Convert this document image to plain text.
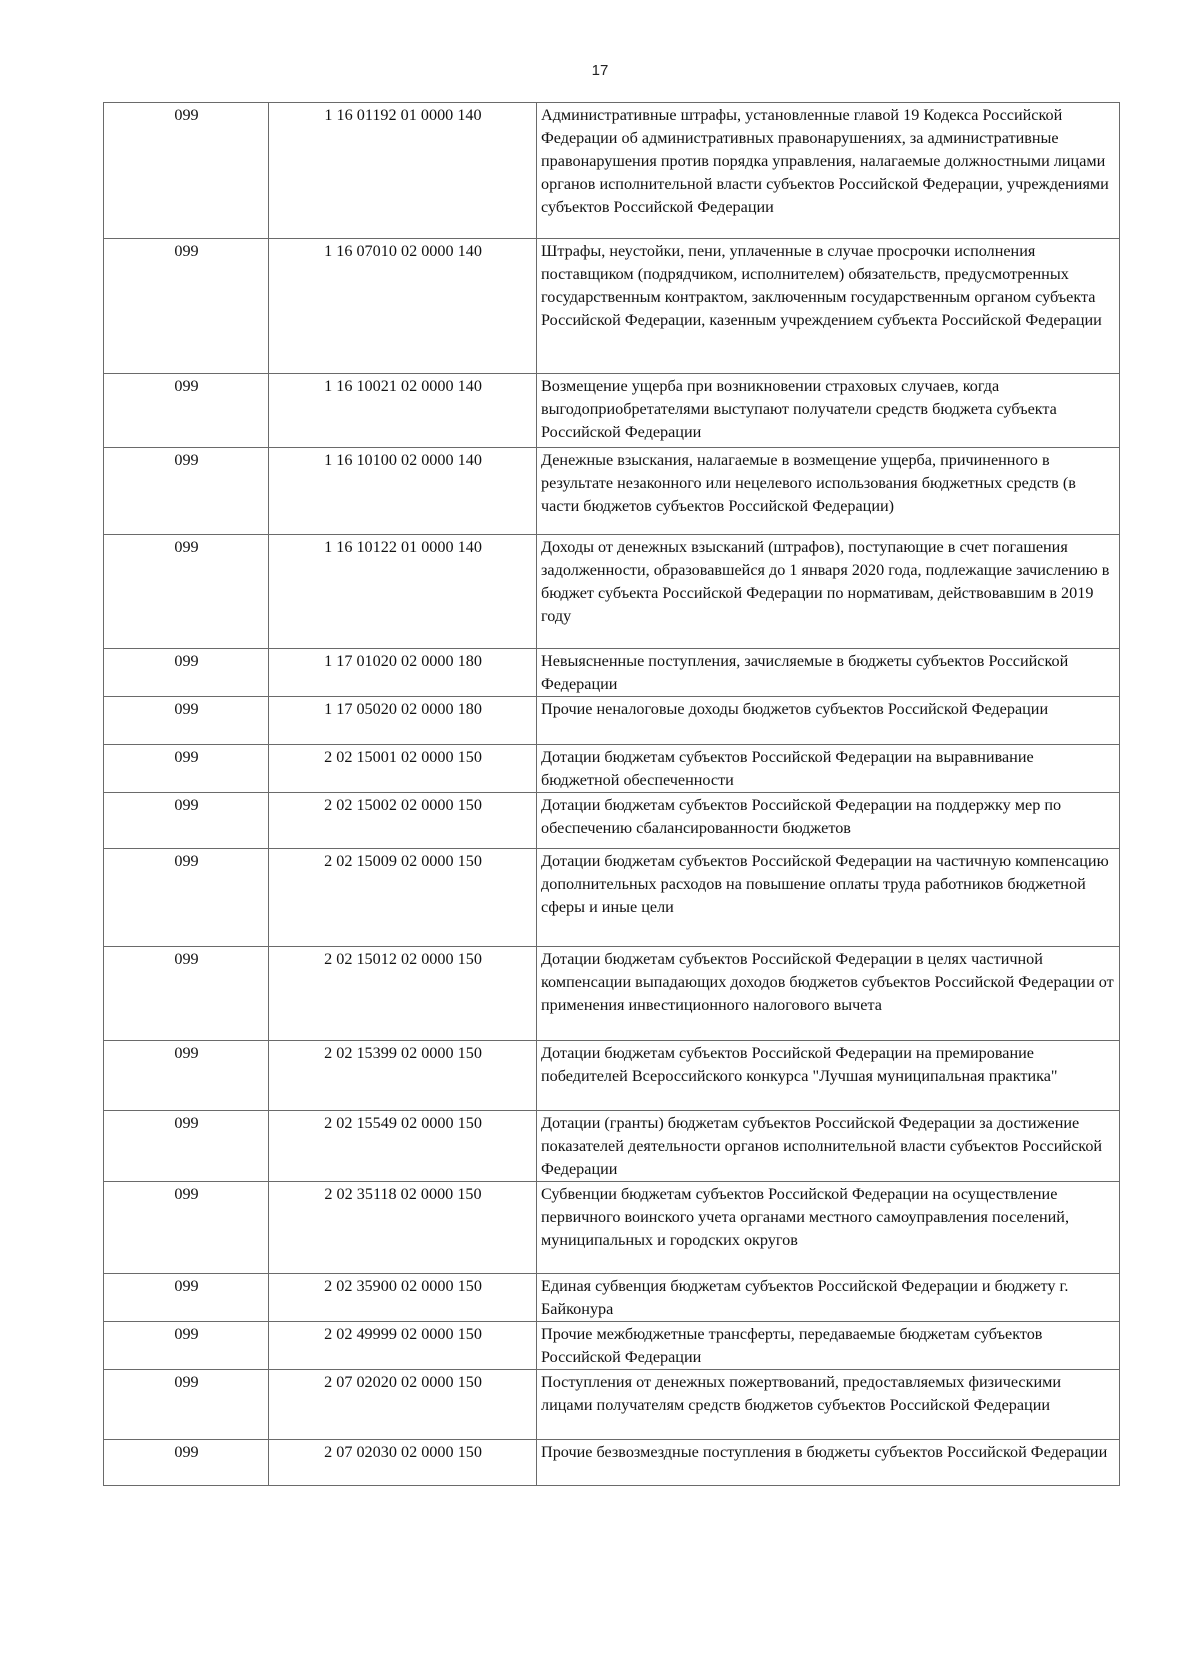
17
099	1 16 01192 01 0000 140	Административные штрафы, установленные главой 19 Кодекса Российской Федерации об административных правонарушениях, за административные правонарушения против порядка управления, налагаемые должностными лицами органов исполнительной власти субъектов Российской Федерации, учреждениями субъектов Российской Федерации
099	1 16 07010 02 0000 140	Штрафы, неустойки, пени, уплаченные в случае просрочки исполнения поставщиком (подрядчиком, исполнителем) обязательств, предусмотренных государственным контрактом, заключенным государственным органом субъекта Российской Федерации, казенным учреждением субъекта Российской Федерации
099	1 16 10021 02 0000 140	Возмещение ущерба при возникновении страховых случаев, когда выгодоприобретателями выступают получатели средств бюджета субъекта Российской Федерации
099	1 16 10100 02 0000 140	Денежные взыскания, налагаемые в возмещение ущерба, причиненного в результате незаконного или нецелевого использования бюджетных средств (в части бюджетов субъектов Российской Федерации)
099	1 16 10122 01 0000 140	Доходы от денежных взысканий (штрафов), поступающие в счет погашения задолженности, образовавшейся до 1 января 2020 года, подлежащие зачислению в бюджет субъекта Российской Федерации по нормативам, действовавшим в 2019 году
099	1 17 01020 02 0000 180	Невыясненные поступления, зачисляемые в бюджеты субъектов Российской Федерации
099	1 17 05020 02 0000 180	Прочие неналоговые доходы бюджетов субъектов Российской Федерации
099	2 02 15001 02 0000 150	Дотации бюджетам субъектов Российской Федерации на выравнивание бюджетной обеспеченности
099	2 02 15002 02 0000 150	Дотации бюджетам субъектов Российской Федерации на поддержку мер по обеспечению сбалансированности бюджетов
099	2 02 15009 02 0000 150	Дотации бюджетам субъектов Российской Федерации на частичную компенсацию дополнительных расходов на повышение оплаты труда работников бюджетной сферы и иные цели
099	2 02 15012 02 0000 150	Дотации бюджетам субъектов Российской Федерации в целях частичной компенсации выпадающих доходов бюджетов субъектов Российской Федерации от применения инвестиционного налогового вычета
099	2 02 15399 02 0000 150	Дотации бюджетам субъектов Российской Федерации на премирование победителей Всероссийского конкурса "Лучшая муниципальная практика"
099	2 02 15549 02 0000 150	Дотации (гранты) бюджетам субъектов Российской Федерации за достижение показателей деятельности органов исполнительной власти субъектов Российской Федерации
099	2 02 35118 02 0000 150	Субвенции бюджетам субъектов Российской Федерации на осуществление первичного воинского учета органами местного самоуправления поселений, муниципальных и городских округов
099	2 02 35900 02 0000 150	Единая субвенция бюджетам субъектов Российской Федерации и бюджету г. Байконура
099	2 02 49999 02 0000 150	Прочие межбюджетные трансферты, передаваемые бюджетам субъектов Российской Федерации
099	2 07 02020 02 0000 150	Поступления от денежных пожертвований, предоставляемых физическими лицами получателям средств бюджетов субъектов Российской Федерации
099	2 07 02030 02 0000 150	Прочие безвозмездные поступления в бюджеты субъектов Российской Федерации
